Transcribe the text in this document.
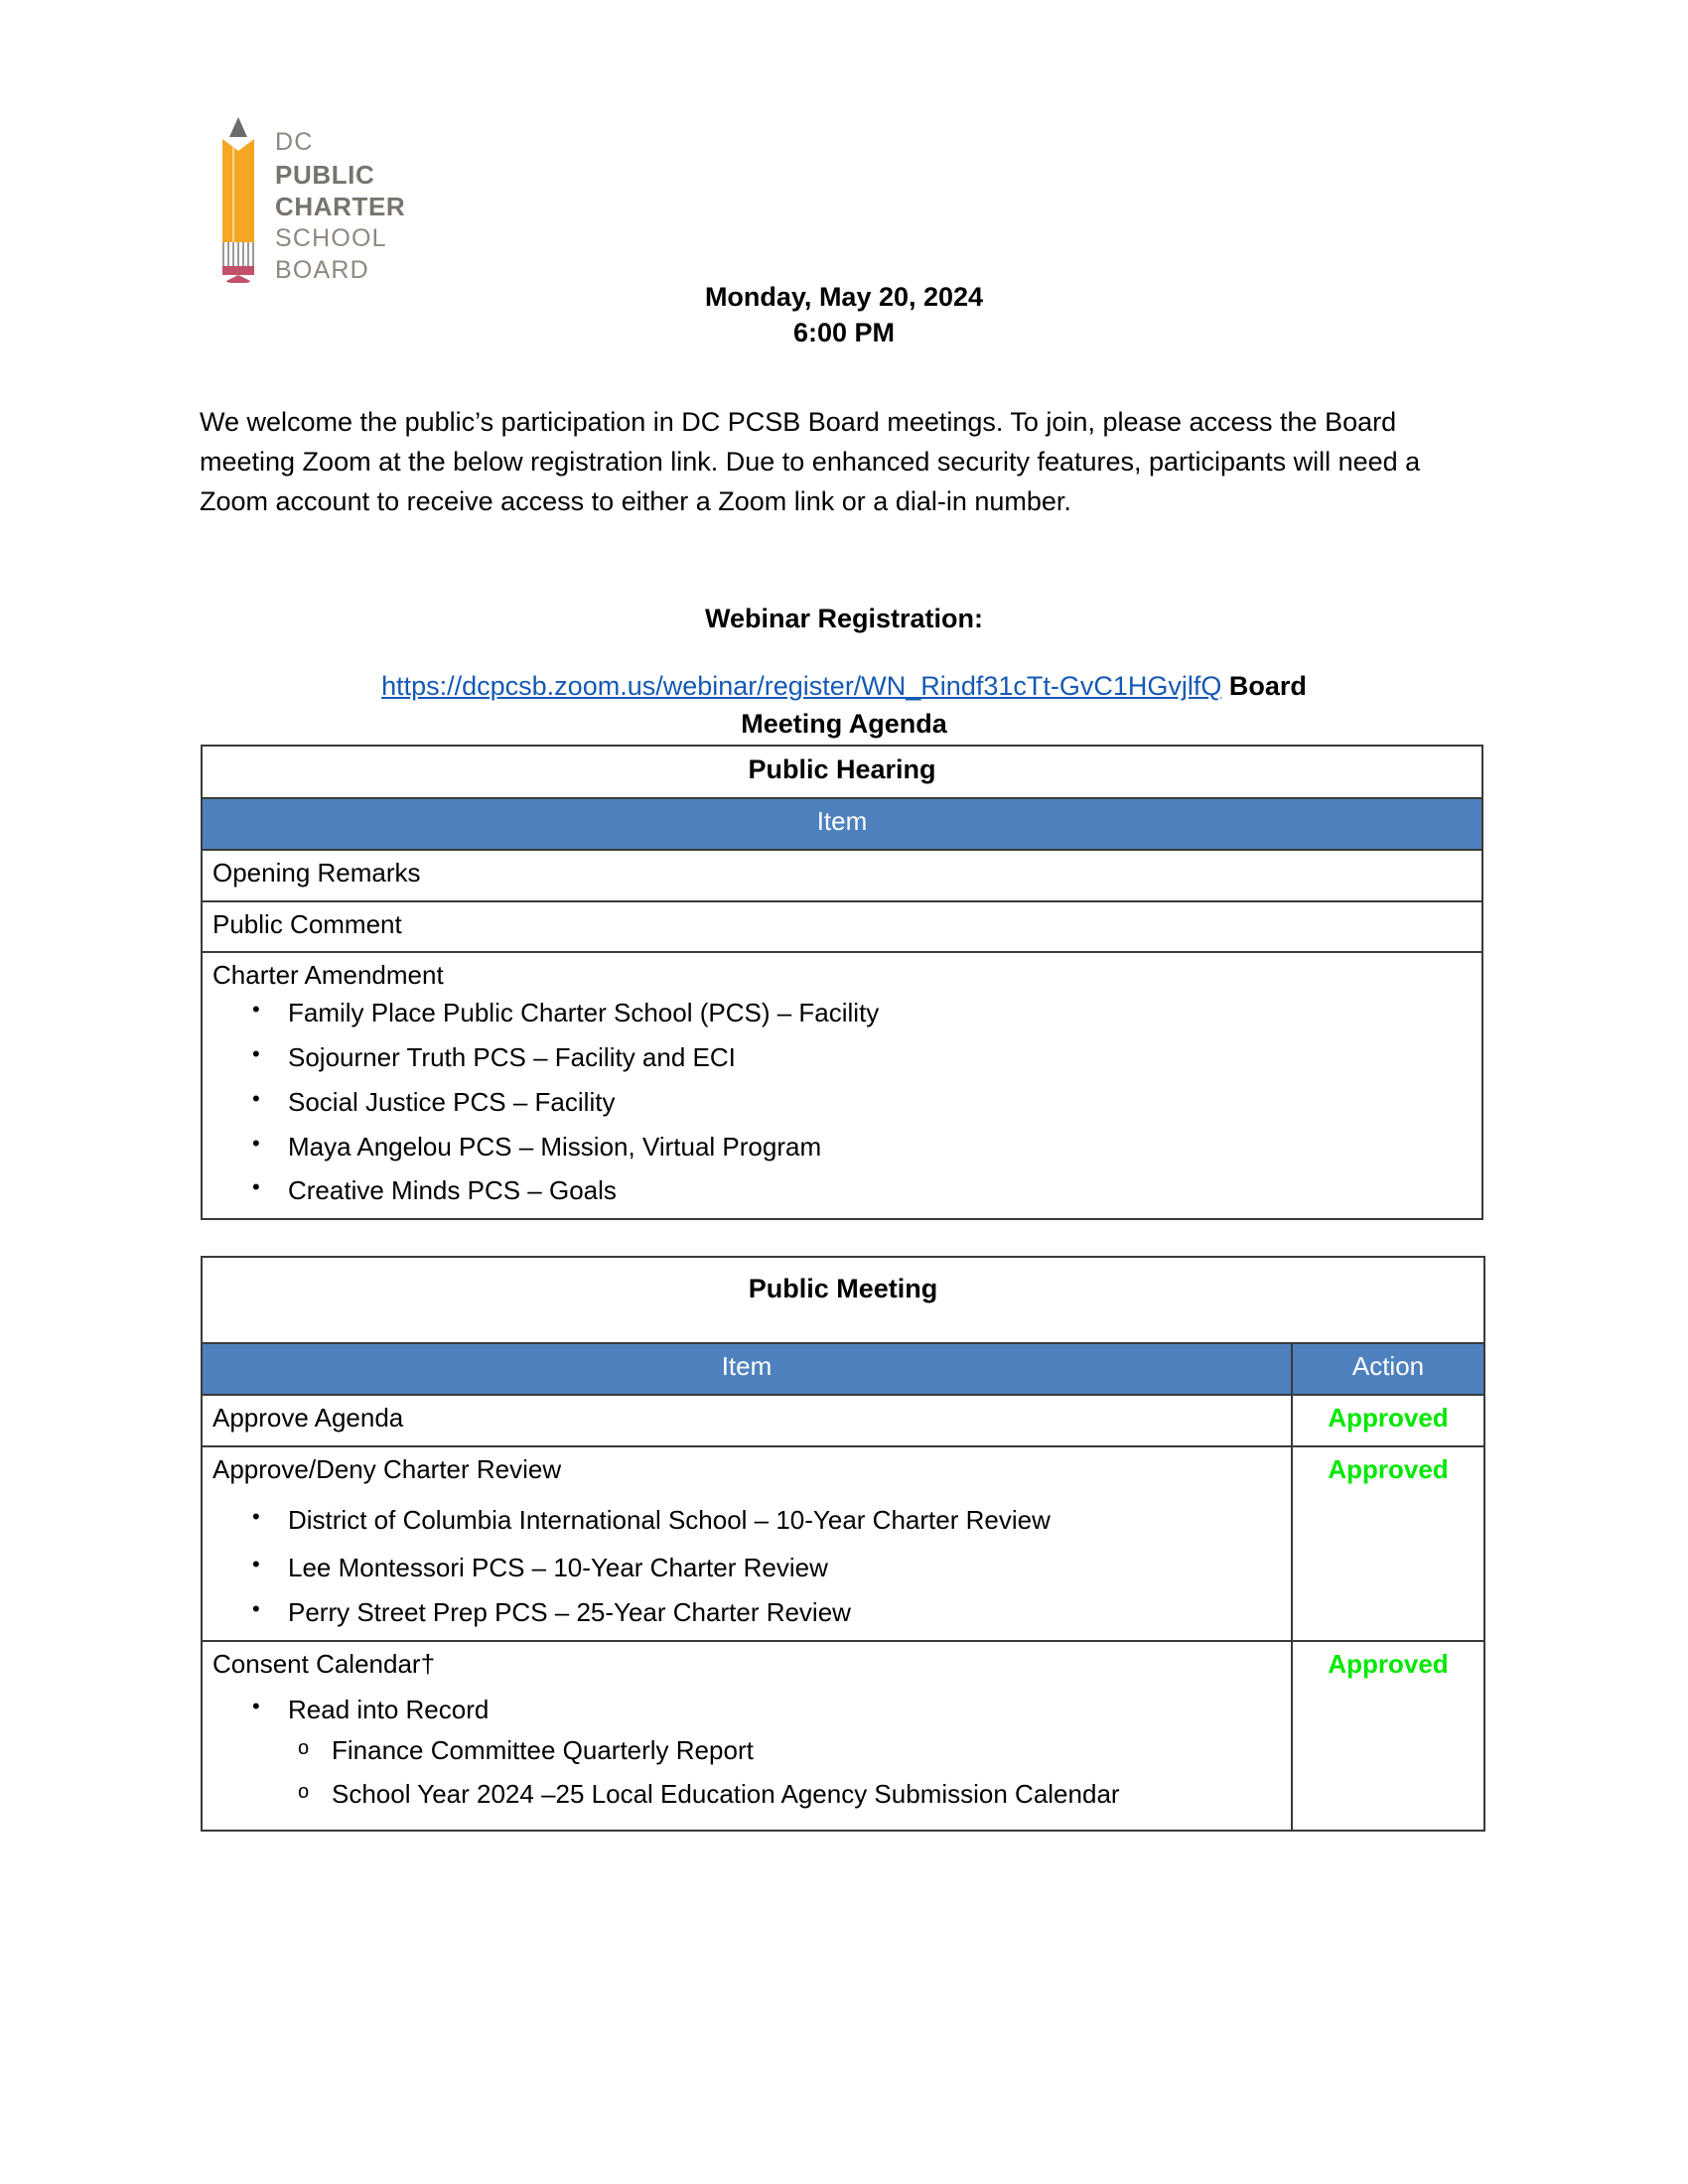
DC
PUBLIC
CHARTER
SCHOOL
BOARD
Monday, May 20, 2024
6:00 PM
We welcome the public’s participation in DC PCSB Board meetings. To join, please access the Board meeting Zoom at the below registration link. Due to enhanced security features, participants will need a Zoom account to receive access to either a Zoom link or a dial-in number.
Webinar Registration:
https://dcpcsb.zoom.us/webinar/register/WN_Rindf31cTt-GvC1HGvjlfQ Board
Meeting Agenda
Public Hearing
Item
Opening Remarks
Public Comment
Charter Amendment
• Family Place Public Charter School (PCS) – Facility
• Sojourner Truth PCS – Facility and ECI
• Social Justice PCS – Facility
• Maya Angelou PCS – Mission, Virtual Program
• Creative Minds PCS – Goals
Public Meeting	
Item	Action
Approve Agenda	Approved
Approve/Deny Charter Review
• District of Columbia International School – 10-Year Charter Review
• Lee Montessori PCS – 10-Year Charter Review
• Perry Street Prep PCS – 25-Year Charter Review
	Approved
Consent Calendar†
• Read into Record
o Finance Committee Quarterly Report
o School Year 2024 –25 Local Education Agency Submission Calendar
	Approved
